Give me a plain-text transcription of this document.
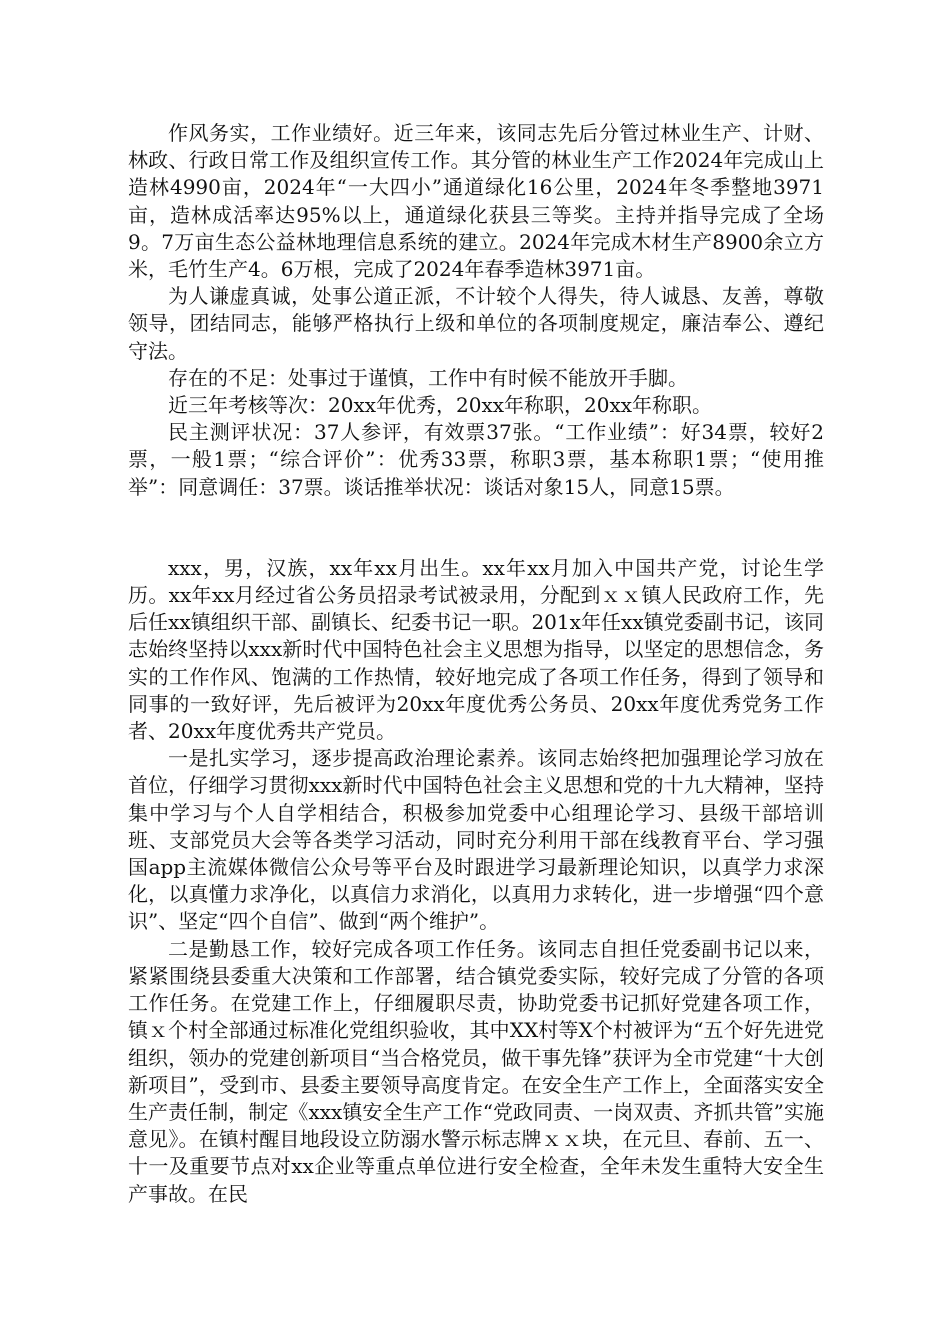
作风务实，工作业绩好。近三年来，该同志先后分管过林业生产、计财、林政、行政日常工作及组织宣传工作。其分管的林业生产工作2024年完成山上造林4990亩，2024年“一大四小”通道绿化16公里，2024年冬季整地3971亩，造林成活率达95%以上，通道绿化获县三等奖。主持并指导完成了全场9。7万亩生态公益林地理信息系统的建立。2024年完成木材生产8900余立方米，毛竹生产4。6万根，完成了2024年春季造林3971亩。

为人谦虚真诚，处事公道正派，不计较个人得失，待人诚恳、友善，尊敬领导，团结同志，能够严格执行上级和单位的各项制度规定，廉洁奉公、遵纪守法。

存在的不足：处事过于谨慎，工作中有时候不能放开手脚。

近三年考核等次：20xx年优秀，20xx年称职，20xx年称职。

民主测评状况：37人参评，有效票37张。“工作业绩”：好34票，较好2票，一般1票；“综合评价”：优秀33票，称职3票，基本称职1票；“使用推举”：同意调任：37票。谈话推举状况：谈话对象15人，同意15票。

xxx，男，汉族，xx年xx月出生。xx年xx月加入中国共产党，讨论生学历。xx年xx月经过省公务员招录考试被录用，分配到ｘｘ镇人民政府工作，先后任xx镇组织干部、副镇长、纪委书记一职。201x年任xx镇党委副书记，该同志始终坚持以xxx新时代中国特色社会主义思想为指导，以坚定的思想信念，务实的工作作风、饱满的工作热情，较好地完成了各项工作任务，得到了领导和同事的一致好评，先后被评为20xx年度优秀公务员、20xx年度优秀党务工作者、20xx年度优秀共产党员。

一是扎实学习，逐步提高政治理论素养。该同志始终把加强理论学习放在首位，仔细学习贯彻xxx新时代中国特色社会主义思想和党的十九大精神，坚持集中学习与个人自学相结合，积极参加党委中心组理论学习、县级干部培训班、支部党员大会等各类学习活动，同时充分利用干部在线教育平台、学习强国app主流媒体微信公众号等平台及时跟进学习最新理论知识，以真学力求深化，以真懂力求净化，以真信力求消化，以真用力求转化，进一步增强“四个意识”、坚定“四个自信”、做到“两个维护”。

二是勤恳工作，较好完成各项工作任务。该同志自担任党委副书记以来，紧紧围绕县委重大决策和工作部署，结合镇党委实际，较好完成了分管的各项工作任务。在党建工作上，仔细履职尽责，协助党委书记抓好党建各项工作，镇ｘ个村全部通过标准化党组织验收，其中XX村等X个村被评为“五个好先进党组织，领办的党建创新项目“当合格党员，做干事先锋”获评为全市党建“十大创新项目”，受到市、县委主要领导高度肯定。在安全生产工作上，全面落实安全生产责任制，制定《xxx镇安全生产工作“党政同责、一岗双责、齐抓共管”实施意见》。在镇村醒目地段设立防溺水警示标志牌ｘｘ块，在元旦、春前、五一、十一及重要节点对xx企业等重点单位进行安全检查，全年未发生重特大安全生产事故。在民
